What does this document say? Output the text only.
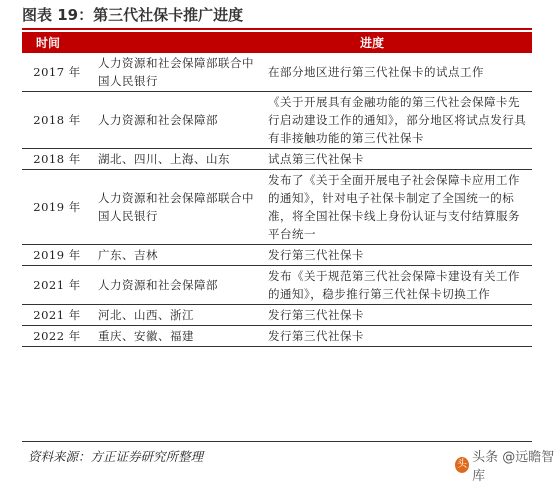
图表 19：第三代社保卡推广进度
时间		进度
2017 年	人力资源和社会保障部联合中国人民银行	在部分地区进行第三代社保卡的试点工作
2018 年	人力资源和社会保障部	《关于开展具有金融功能的第三代社会保障卡先行启动建设工作的通知》，部分地区将试点发行具有非接触功能的第三代社保卡
2018 年	湖北、四川、上海、山东	试点第三代社保卡
2019 年	人力资源和社会保障部联合中国人民银行	发布了《关于全面开展电子社会保障卡应用工作的通知》，针对电子社保卡制定了全国统一的标准，将全国社保卡线上身份认证与支付结算服务平台统一
2019 年	广东、吉林	发行第三代社保卡
2021 年	人力资源和社会保障部	发布《关于规范第三代社会保障卡建设有关工作的通知》，稳步推行第三代社保卡切换工作
2021 年	河北、山西、浙江	发行第三代社保卡
2022 年	重庆、安徽、福建	发行第三代社保卡
资料来源：方正证券研究所整理
头 头条 @远瞻智库
